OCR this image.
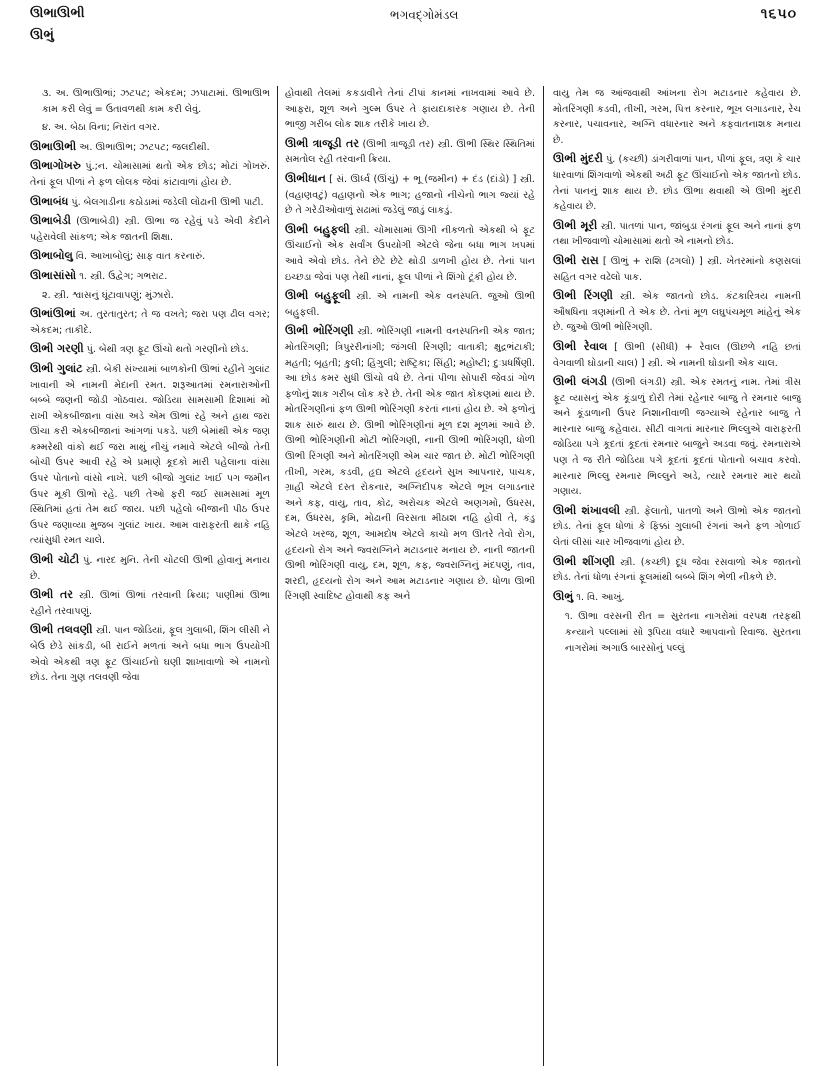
ઊભાઊભી
ઊભું
ભગવદ્ગોમંડલ	૧૬૫૦
૩. અ. ઊભાઊભાં; ઝટપટ; એકદમ; ઝપાટામાં. ઊભાઊભ કામ કરી લેવું = ઉતાવળથી કામ કરી લેવું.
૪. અ. બેઠા વિના; નિરાંત વગર.
ઊભાઊભી અ. ઊભાઊભ; ઝટપટ; જલદીથી.
ઊભાગોખરુ પું.;ન. ચોમાસામાં થતો એક છોડ; મોટાં ગોખરું. તેનાં ફૂલ પીળાં ને ફળ લોલક જેવાં કાંટાવાળાં હોય છે.
ઊભાબંધ પું. બેલગાડીના કઠોડામાં જડેલી લોઢાની ઊભી પાટી.
ઊભાબેડી (ઊભાબેડી) સ્ત્રી. ઊભા જ રહેવું પડે એવી કેદીને પહેરાવેલી સાંકળ; એક જાતની શિક્ષા.
ઊભાબોલુ વિ. આખાબોલું; સાફ વાત કરનારું.
ઊભાસાંસો ૧. સ્ત્રી. ઉદ્વેગ; ગભરાટ.
૨. સ્ત્રી. શ્વાસનું ઘૂંટાવાપણું; મુંઝારો.
ઊભાંઊભાં અ. તુરતાતુરત; તે જ વખતે; જરા પણ ઢીલ વગર; એકદમ; તાકીદે.
ઊભી ગરણી પું. બેથી ત્રણ ફૂટ ઊંચો થતો ગરણીનો છોડ.
ઊભી ગુલાંટ સ્ત્રી. બેકી સંખ્યામાં બાળકોની ઊભાં રહીને ગુલાંટ ખાવાની એ નામની મેદાની રમત. શરૂઆતમાં રમનારાઓની બબ્બે જણની જોડી ગોઠવાય. જોડિયા સામસામી દિશામાં મોં રાખી એકબીજાના વાંસા અડે એમ ઊભાં રહે અને હાથ જરા ઊંચા કરી એકબીજાનાં આંગળાં પકડે. પછી બેમાંથી એક જણ કમ્મરેથી વાંકો થઈ જરા માથું નીચું નમાવે એટલે બીજો તેની બોચી ઉપર આવી રહે એ પ્રમાણે કૂદકો મારી પહેલાના વાંસા ઉપર પોતાનો વાંસો નાખે. પછી બીજો ગુલાંટ ખાઈ પગ જમીન ઉપર મૂકી ઊભો રહે. પછી તેઓ ફરી જઈ સામસામાં મૂળ સ્થિતિમાં હતાં તેમ થઈ જાય. પછી પહેલો બીજાની પીઠ ઉપર ઉપર જણાવ્યા મુજબ ગુલાંટ ખાય. આમ વારાફરતી થાકે નહિ ત્યાંસુધી રમત ચાલે.
ઊભી ચોટી પું. નારદ મુનિ. તેની ચોટલી ઊભી હોવાનું મનાય છે.
ઊભી તર સ્ત્રી. ઊભાં ઊભાં તરવાની ક્રિયા; પાણીમાં ઊભા રહીને તરવાપણું.
ઊભી તલવણી સ્ત્રી. પાન જોડિયાં, ફૂલ ગુલાબી, શિંગ લીસી ને બેઉ છેડે સાંકડી, બી રાઈને મળતાં અને બધા ભાગ ઉપયોગી એવો એકથી ત્રણ ફૂટ ઊંચાઈનો ઘણી શાખાવાળો એ નામનો છોડ. તેના ગુણ તલવણી જેવા
હોવાથી તેલમાં કકડાવીને તેનાં ટીપાં કાનમાં નાખવામાં આવે છે. આફરા, શૂળ અને ગુલ્મ ઉપર તે ફાયદાકારક ગણાય છે. તેની ભાજી ગરીબ લોક શાક તરીકે ખાય છે.
ઊભી ત્રાજૂડી તર (ઊભી ત્રાજૂડી તર) સ્ત્રી. ઊભી સ્થિર સ્થિતિમાં સમતોલ રહી તરવાની ક્રિયા.
ઊભીધાન [ સં. ઊર્ધ્વ (ઊંચું) + ભૂ (જમીન) + દંડ (દાંડો) ] સ્ત્રી. (વહાણવટું) વહાણનો એક ભાગ; હજાનો નીચેનો ભાગ જ્યાં રહે છે તે ગરેડીઓવાળું સઢામાં જડેલું જાડું લાકડું.
ઊભી બહુફલી સ્ત્રી. ચોમાસામાં ઊગી નીકળતો એકથી બે ફૂટ ઊંચાઈનો એક સર્વાંગ ઉપયોગી એટલે જેના બધા ભાગ ખપમાં આવે એવો છોડ. તેને છેટે છેટે થોડી ડાળખી હોય છે. તેનાં પાન ઇચ્છડા જેવાં પણ તેથી નાનાં, ફૂલ પીળાં ને શિંગો ટૂંકી હોય છે.
ઊભી બહુફૂલી સ્ત્રી. એ નામની એક વનસ્પતિ. જુઓ ઊભી બહુફલી.
ઊભી ભોરિંગણી સ્ત્રી. ભોરિંગણી નામની વનસ્પતિની એક જાત; મોતરિંગણી; ત્રિપુરરીનાંગી; જંગલી રિંગણી; વાતાકી; ક્ષુદ્રભંટાકી; મહતી; બૃહતી; કુલી; હિંગુલી; રાષ્ટ્રિકા; સિંહી; મહોષ્ટી; દુઃપ્રધર્ષિણી. આ છોડ કમર સુધી ઊંચો વધે છે. તેનાં પીળા સોપારી જેવડાં ગોળ ફળોનું શાક ગરીબ લોક કરે છે. તેની એક જાત કોંકણમાં થાય છે. મોતરિંગણીનાં ફળ ઊભી ભોરિંગણી કરતાં નાનાં હોય છે. એ ફળોનું શાક સારું થાય છે. ઊભી ભોરિંગણીનાં મૂળ દશ મૂળમાં આવે છે. ઊભી ભોરિંગણીની મોટી ભોરિંગણી, નાની ઊભી ભોરિંગણી, ધોળી ઊભી રિંગણી અને મોતરિંગણી એમ ચાર જાત છે. મોટી ભોરિંગણી તીખી, ગરમ, કડવી, હૃદ્ય એટલે હૃદયને સુખ આપનાર, પાચક, ગ્રાહી એટલે દસ્ત રોકનાર, અગ્નિદીપક એટલે ભૂખ લગાડનાર અને કફ, વાયુ, તાવ, કોઢ, અરોચક એટલે અણગમો, ઉધરસ, દમ, ઉધરસ, કૃમિ, મોઢાની વિરસતા મીઠાશ નહિ હોવી તે, કંડુ એટલે ખરજ, શૂળ, આમદોષ એટલે કાચો મળ ઊતરે તેવો રોગ, હૃદયનો રોગ અને જ્વરાગ્નિને મટાડનાર મનાય છે. નાની જાતની ઊભી ભોરિંગણી વાયુ, દમ, શૂળ, કફ, જ્વરાગ્નિનું મંદપણું, તાવ, શરદી, હૃદયનો રોગ અને આમ મટાડનાર ગણાય છે. ધોળા ઊભી રિંગણી સ્વાદિષ્ટ હોવાથી કફ અને
વાયુ તેમ જ આંજવાથી આંખના રોગ મટાડનાર કહેવાય છે. મોતરિંગણી કડવી, તીખી, ગરમ, પિત્ત કરનાર, ભૂખ લગાડનાર, રેચ કરનાર, પચાવનાર, અગ્નિ વધારનાર અને કફવાતનાશક મનાય છે.
ઊભી મુંદરી પું. (કચ્છી) ડાંગરીવાળાં પાન, પીળાં ફૂલ, ત્રણ કે ચાર ધારવાળાં શિંગવાળો એકથી અઢી ફૂટ ઊંચાઈનો એક જાતનો છોડ. તેનાં પાનનું શાક થાય છે. છોડ ઊભા થવાથી એ ઊભી મુંદરી કહેવાય છે.
ઊભી મૂરી સ્ત્રી. પાતળાં પાન, જાંબુડા રંગનાં ફૂલ અને નાનાં ફળ તથા ખીજવાળો ચોમાસામાં થતો એ નામનો છોડ.
ઊભી રાસ [ ઊભું + રાશિ (ઢગલો) ] સ્ત્રી. ખેતરમાંનો કણસલાં સહિત વગર વઢેલો પાક.
ઊભી રિંગણી સ્ત્રી. એક જાતનો છોડ. કંટકારિત્રય નામની ઔષધિના ત્રણમાંની તે એક છે. તેનાં મૂળ લઘુપંચમૂળ માંહેનું એક છે. જુઓ ઊભી ભોરિંગણી.
ઊભી રેવાલ [ ઊભી (સીધી) + રેવાલ (ઊછળે નહિ છતાં વેગવાળી ઘોડાની ચાલ) ] સ્ત્રી. એ નામની ઘોડાની એક ચાલ.
ઊભી લંગડી (ઊભી લંગડી) સ્ત્રી. એક રમતનું નામ. તેમાં ત્રીસ ફૂટ વ્યાસનું એક કૂંડાળું દોરી તેમાં રહેનાર બાજુ તે રમનાર બાજુ અને કૂંડાળાની ઉપર નિશાનીવાળી જગ્યાએ રહેનાર બાજુ તે મારનાર બાજુ કહેવાય. સીટી વાગતાં મારનાર ભિલ્લુએ વારાફરતી જોડિયા પગે કૂદતાં કૂદતાં રમનાર બાજુને અડવા જવું. રમનારાએ પણ તે જ રીતે જોડિયા પગે કૂદતાં કૂદતાં પોતાનો બચાવ કરવો. મારનાર ભિલ્લુ રમનાર ભિલ્લુને અડે, ત્યારે રમનાર માર થયો ગણાય.
ઊભી શંખાવલી સ્ત્રી. ફેલાતો, પાતળો અને ઊભો એક જાતનો છોડ. તેનાં ફૂલ ધોળાં કે ફિક્કાં ગુલાબી રંગનાં અને ફળ ગોળાઈ લેતાં લીસાં ચાર ખીજવાળાં હોય છે.
ઊભી શીંગણી સ્ત્રી. (કચ્છી) દૂધ જેવા રસવાળો એક જાતનો છોડ. તેનાં ધોળા રંગનાં ફૂલમાંથી બબ્બે શિંગ ભેળી નીકળે છે.
ઊભું ૧. વિ. આખું.
૧. ઊભા વરસની રીત = સુરતના નાગરોમાં વરપક્ષ તરફથી કન્યાને પલ્લામાં સો રૂપિયા વધારે આપવાનો રિવાજ. સુરતના નાગરોમાં અગાઉ બારસોનું પલ્લું
